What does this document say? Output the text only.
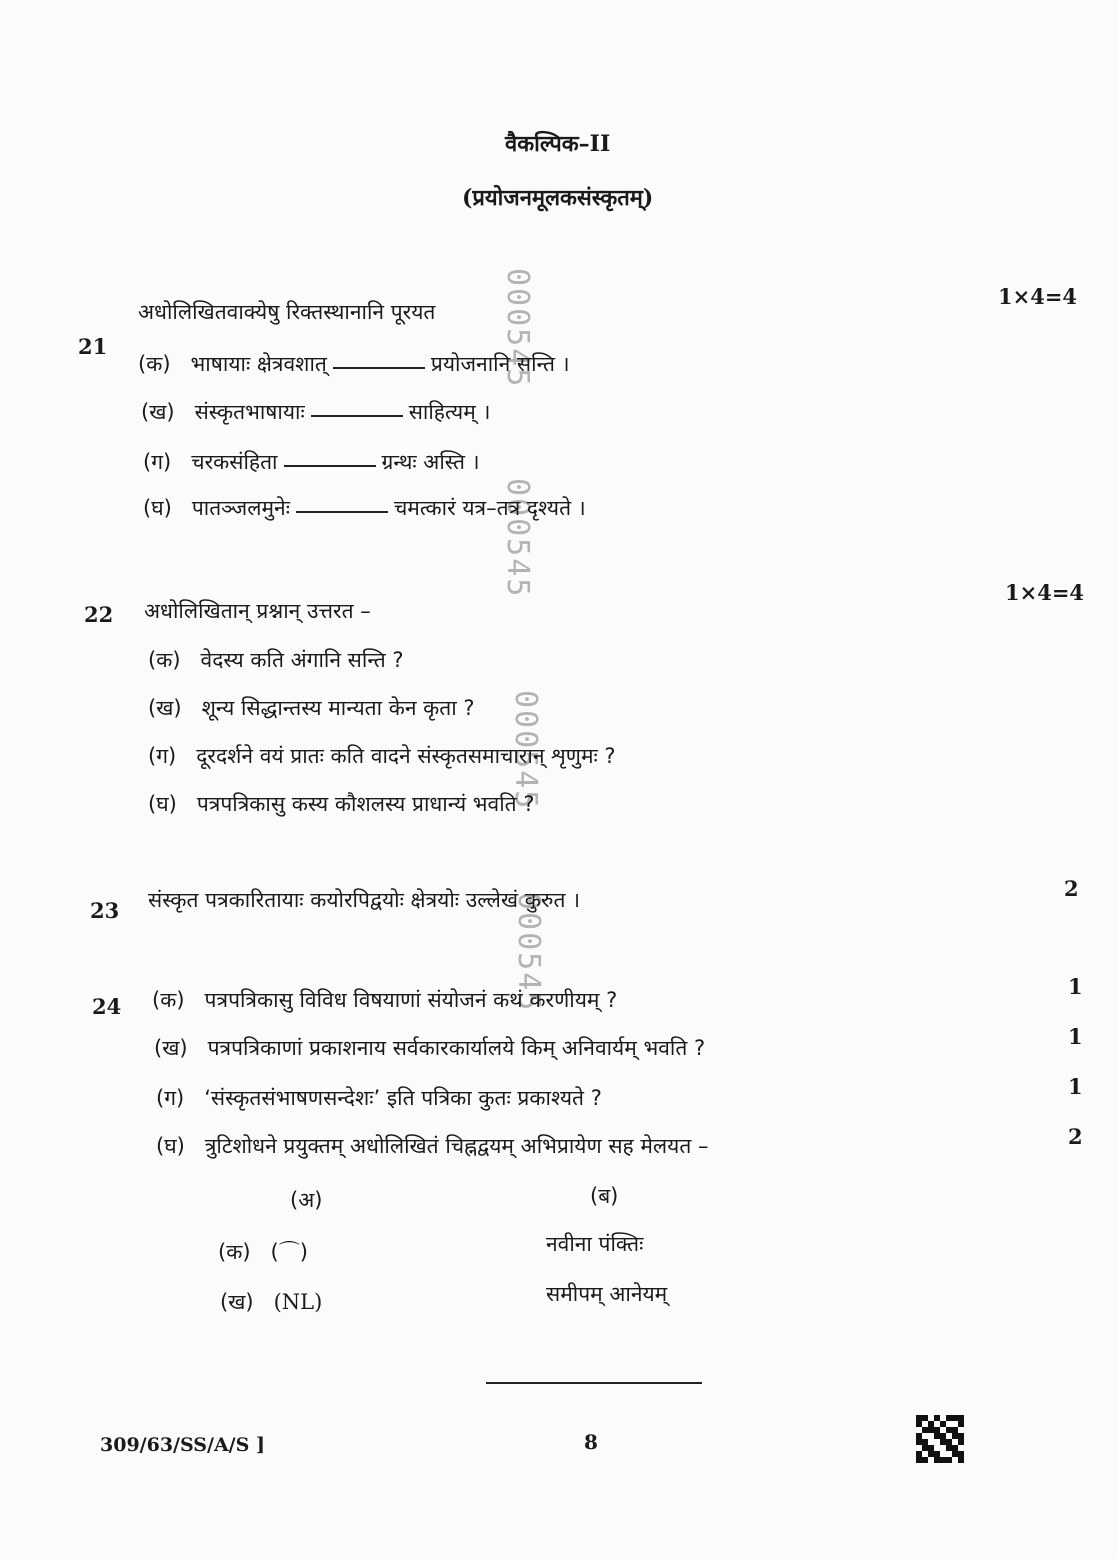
वैकल्पिक–II
(प्रयोजनमूलकसंस्कृतम्)
000545
000545
000545
000545
21
अधोलिखितवाक्येषु रिक्तस्थानानि पूरयत
1×4=4
(क) भाषायाः क्षेत्रवशात्	प्रयोजनानि सन्ति ।
(ख) संस्कृतभाषायाः	साहित्यम् ।
(ग) चरकसंहिता	ग्रन्थः अस्ति ।
(घ) पातञ्जलमुनेः	चमत्कारं यत्र–तत्र दृश्यते ।
22 अधोलिखितान् प्रश्नान् उत्तरत –
1×4=4
(क) वेदस्य कति अंगानि सन्ति ?
(ख) शून्य सिद्धान्तस्य मान्यता केन कृता ?
(ग) दूरदर्शने वयं प्रातः कति वादने संस्कृतसमाचारान् शृणुमः ?
(घ) पत्रपत्रिकासु कस्य कौशलस्य प्राधान्यं भवति ?
23 संस्कृत पत्रकारितायाः कयोरपिद्वयोः क्षेत्रयोः उल्लेखं कुरुत ।	2
24 (क) पत्रपत्रिकासु विविध विषयाणां संयोजनं कथं करणीयम् ?
1
(ख) पत्रपत्रिकाणां प्रकाशनाय सर्वकारकार्यालये किम् अनिवार्यम् भवति ?	1
(ग) ‘संस्कृतसंभाषणसन्देशः’ इति पत्रिका कुतः प्रकाश्यते ?	1
(घ) त्रुटिशोधने प्रयुक्तम् अधोलिखितं चिह्नद्वयम् अभिप्रायेण सह मेलयत –	2
(अ)	(ब)
(क) (⌒)	नवीना पंक्तिः
(ख) (NL)	समीपम् आनेयम्
309/63/SS/A/S ]	8
